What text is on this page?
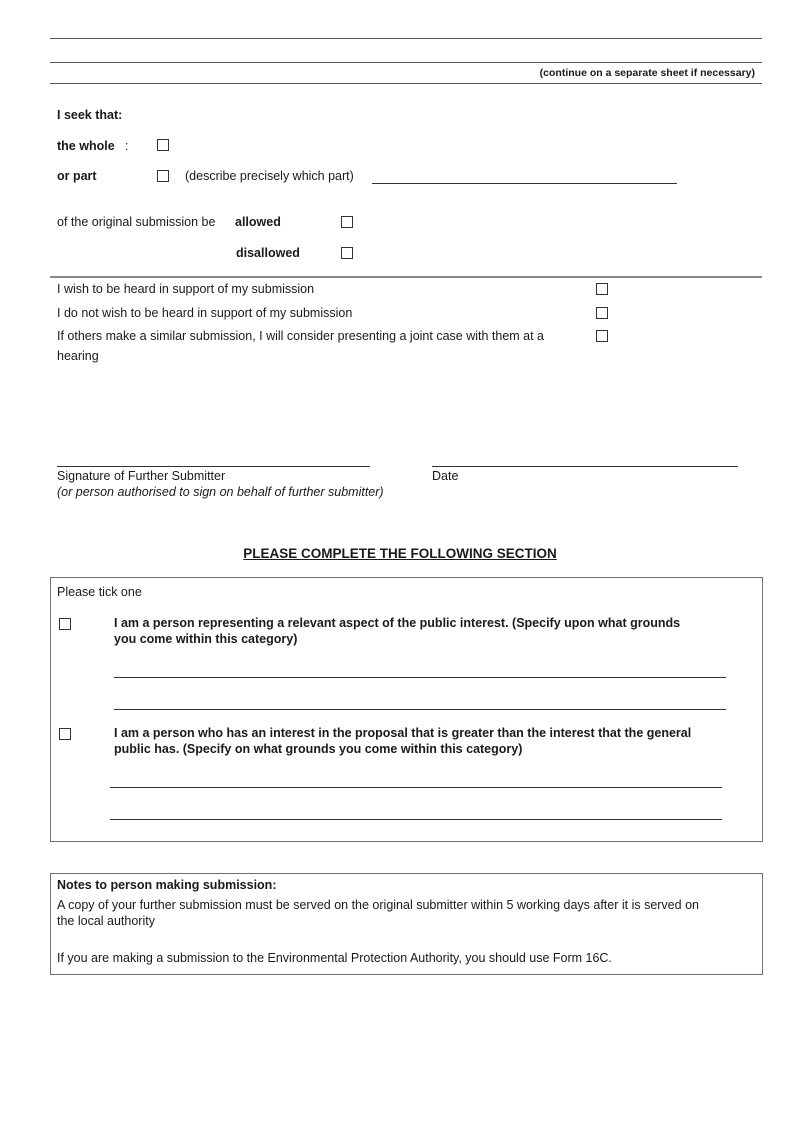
(continue on a separate sheet if necessary)
I seek that:
the whole :
or part	(describe precisely which part)
of the original submission be allowed
disallowed
I wish to be heard in support of my submission
I do not wish to be heard in support of my submission
If others make a similar submission, I will consider presenting a joint case with them at a
hearing
Signature of Further Submitter	Date
(or person authorised to sign on behalf of further submitter)
PLEASE COMPLETE THE FOLLOWING SECTION
Please tick one
I am a person representing a relevant aspect of the public interest. (Specify upon what grounds
you come within this category)
I am a person who has an interest in the proposal that is greater than the interest that the general
public has. (Specify on what grounds you come within this category)
Notes to person making submission:
A copy of your further submission must be served on the original submitter within 5 working days after it is served on
the local authority
If you are making a submission to the Environmental Protection Authority, you should use Form 16C.
